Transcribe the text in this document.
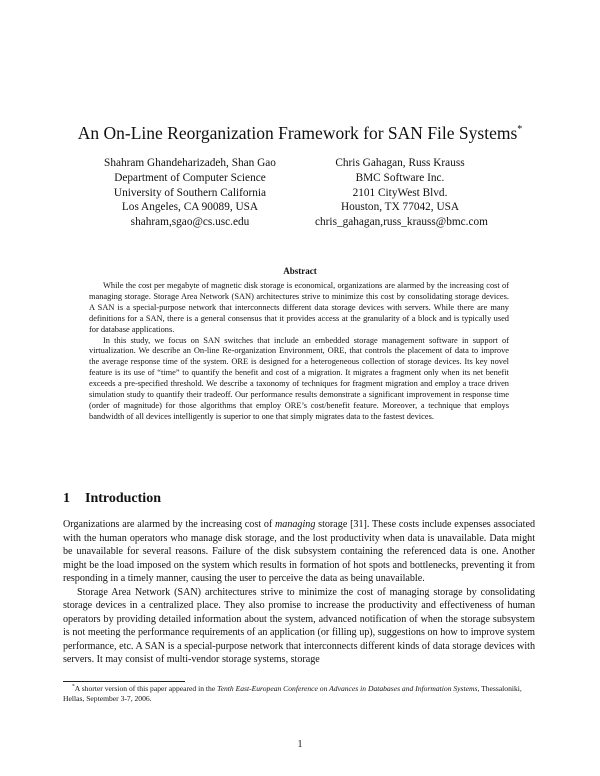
An On-Line Reorganization Framework for SAN File Systems*
Shahram Ghandeharizadeh, Shan Gao
Department of Computer Science
University of Southern California
Los Angeles, CA 90089, USA
shahram,sgao@cs.usc.edu
Chris Gahagan, Russ Krauss
BMC Software Inc.
2101 CityWest Blvd.
Houston, TX 77042, USA
chris_gahagan,russ_krauss@bmc.com
Abstract

While the cost per megabyte of magnetic disk storage is economical, organizations are alarmed by the increasing cost of managing storage. Storage Area Network (SAN) architectures strive to minimize this cost by consolidating storage devices. A SAN is a special-purpose network that interconnects different data storage devices with servers. While there are many definitions for a SAN, there is a general consensus that it provides access at the granularity of a block and is typically used for database applications.

In this study, we focus on SAN switches that include an embedded storage management software in support of virtualization. We describe an On-line Re-organization Environment, ORE, that controls the placement of data to improve the average response time of the system. ORE is designed for a heterogeneous collection of storage devices. Its key novel feature is its use of “time” to quantify the benefit and cost of a migration. It migrates a fragment only when its net benefit exceeds a pre-specified threshold. We describe a taxonomy of techniques for fragment migration and employ a trace driven simulation study to quantify their tradeoff. Our performance results demonstrate a significant improvement in response time (order of magnitude) for those algorithms that employ ORE’s cost/benefit feature. Moreover, a technique that employs bandwidth of all devices intelligently is superior to one that simply migrates data to the fastest devices.

1 Introduction

Organizations are alarmed by the increasing cost of managing storage [31]. These costs include expenses associated with the human operators who manage disk storage, and the lost productivity when data is unavailable. Data might be unavailable for several reasons. Failure of the disk subsystem containing the referenced data is one. Another might be the load imposed on the system which results in formation of hot spots and bottlenecks, preventing it from responding in a timely manner, causing the user to perceive the data as being unavailable.

Storage Area Network (SAN) architectures strive to minimize the cost of managing storage by consolidating storage devices in a centralized place. They also promise to increase the productivity and effectiveness of human operators by providing detailed information about the system, advanced notification of when the storage subsystem is not meeting the performance requirements of an application (or filling up), suggestions on how to improve system performance, etc. A SAN is a special-purpose network that interconnects different kinds of data storage devices with servers. It may consist of multi-vendor storage systems, storage

*A shorter version of this paper appeared in the Tenth East-European Conference on Advances in Databases and Information Systems, Thessaloniki, Hellas, September 3-7, 2006.
1
